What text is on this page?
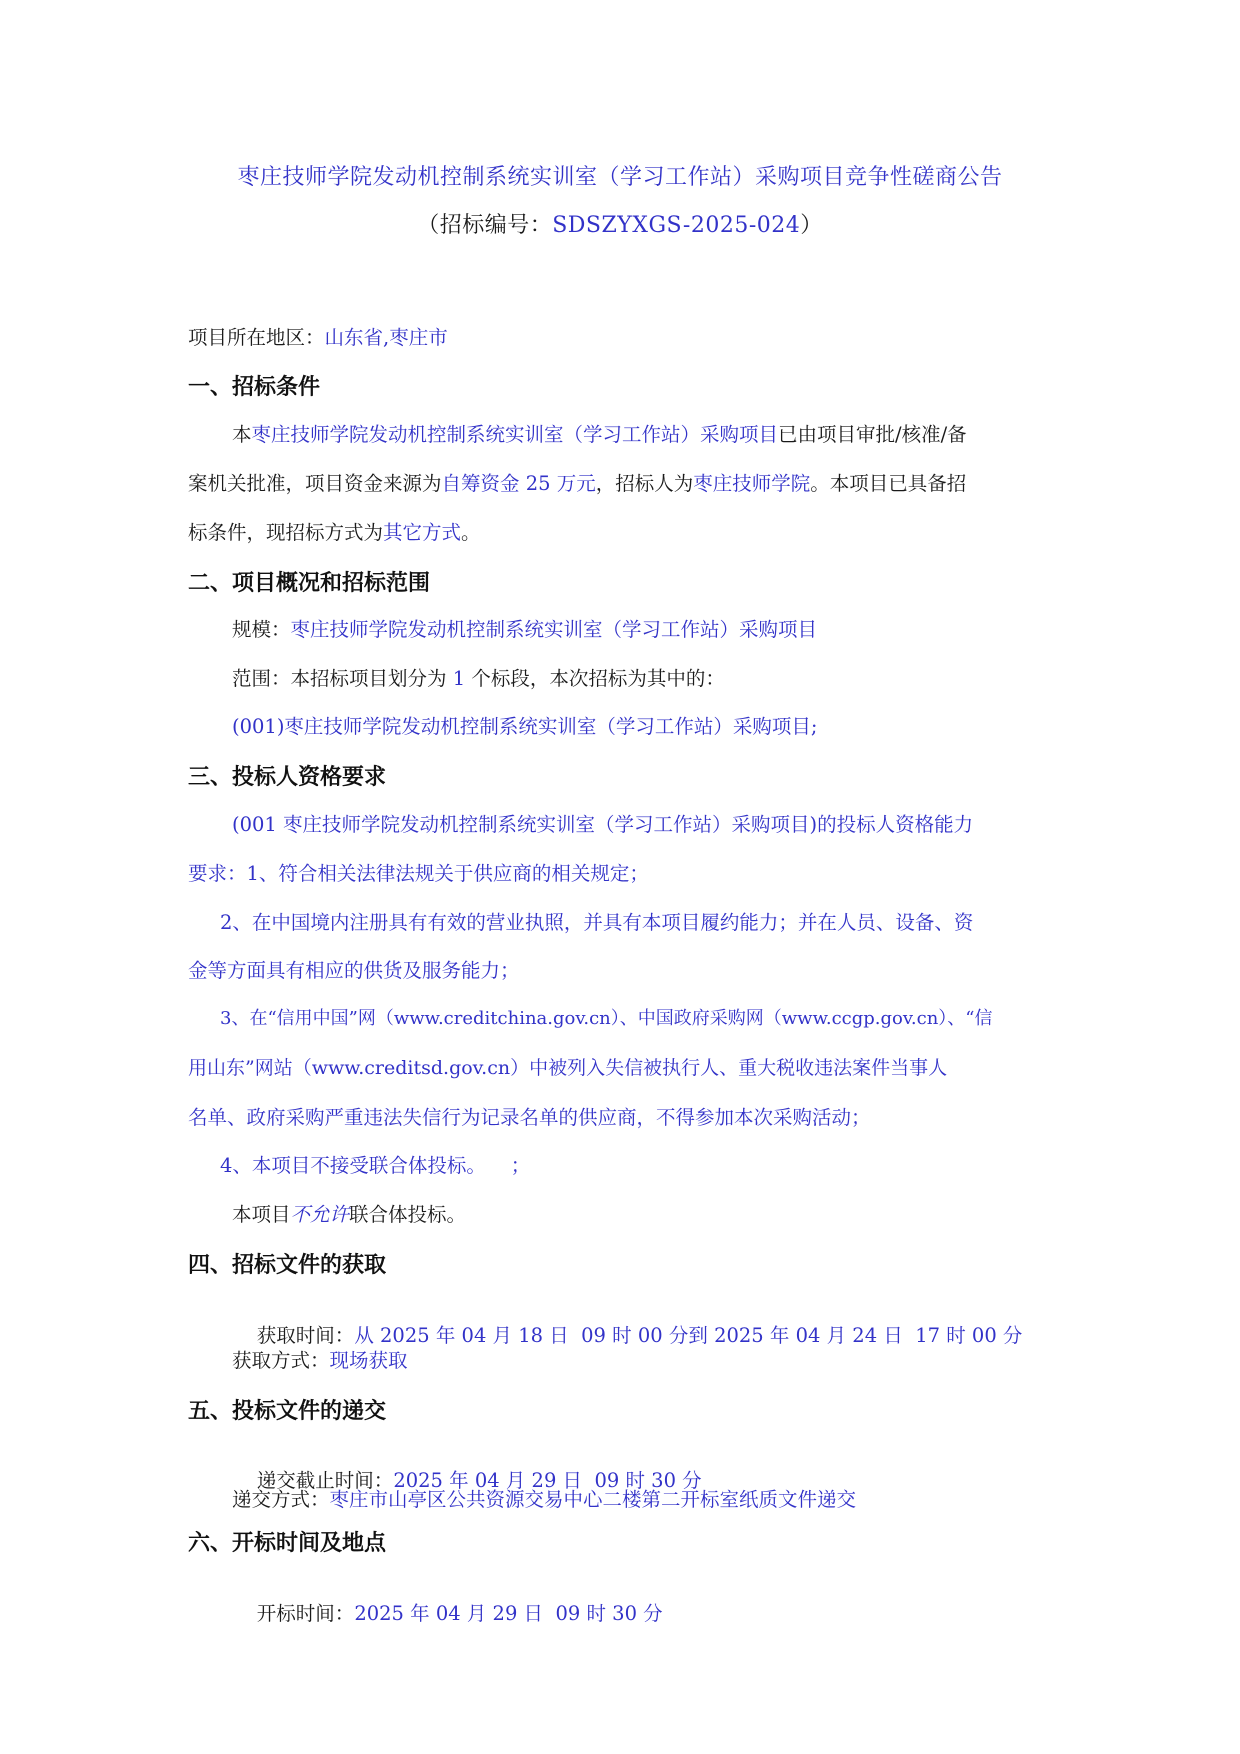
枣庄技师学院发动机控制系统实训室（学习工作站）采购项目竞争性磋商公告
（招标编号：SDSZYXGS-2025-024）
项目所在地区：山东省,枣庄市
一、招标条件
本枣庄技师学院发动机控制系统实训室（学习工作站）采购项目已由项目审批/核准/备
案机关批准，项目资金来源为自筹资金 25 万元，招标人为枣庄技师学院。本项目已具备招
标条件，现招标方式为其它方式。
二、项目概况和招标范围
规模：枣庄技师学院发动机控制系统实训室（学习工作站）采购项目
范围：本招标项目划分为 1 个标段，本次招标为其中的：
(001)枣庄技师学院发动机控制系统实训室（学习工作站）采购项目;
三、投标人资格要求
(001 枣庄技师学院发动机控制系统实训室（学习工作站）采购项目)的投标人资格能力
要求：1、符合相关法律法规关于供应商的相关规定；
2、在中国境内注册具有有效的营业执照，并具有本项目履约能力；并在人员、设备、资
金等方面具有相应的供货及服务能力；
3、在“信用中国”网（www.creditchina.gov.cn）、中国政府采购网（www.ccgp.gov.cn）、“信
用山东”网站（www.creditsd.gov.cn）中被列入失信被执行人、重大税收违法案件当事人
名单、政府采购严重违法失信行为记录名单的供应商，不得参加本次采购活动；
4、本项目不接受联合体投标。    ；
本项目不允许联合体投标。
四、招标文件的获取

获取时间：从 2025 年 04 月 18 日  09 时 00 分到 2025 年 04 月 24 日  17 时 00 分

获取方式：现场获取
五、投标文件的递交

递交截止时间：2025 年 04 月 29 日  09 时 30 分

递交方式：枣庄市山亭区公共资源交易中心二楼第二开标室纸质文件递交
六、开标时间及地点

开标时间：2025 年 04 月 29 日  09 时 30 分
